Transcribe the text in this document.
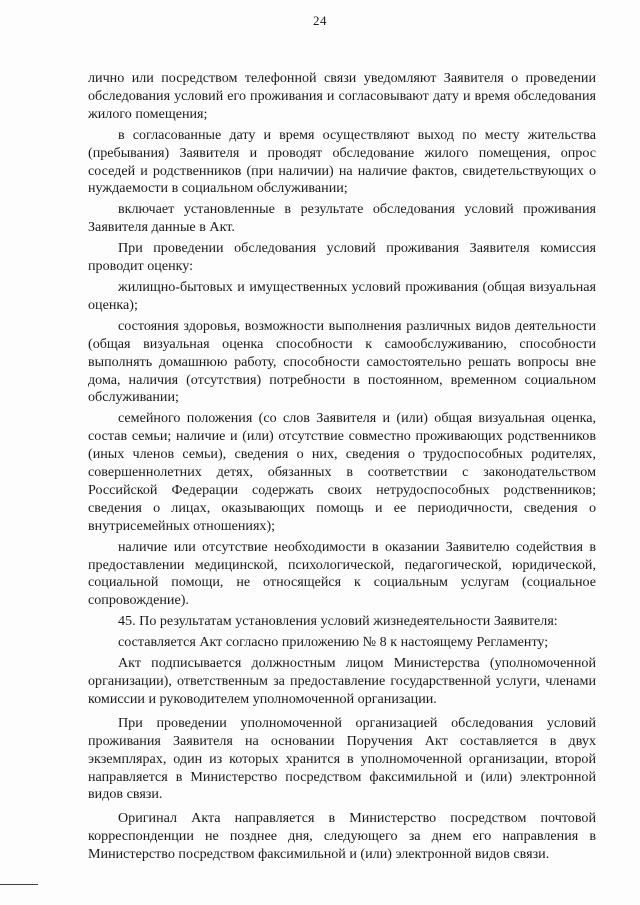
24

лично или посредством телефонной связи уведомляют Заявителя о проведении обследования условий его проживания и согласовывают дату и время обследования жилого помещения;

в согласованные дату и время осуществляют выход по месту жительства (пребывания) Заявителя и проводят обследование жилого помещения, опрос соседей и родственников (при наличии) на наличие фактов, свидетельствующих о нуждаемости в социальном обслуживании;

включает установленные в результате обследования условий проживания Заявителя данные в Акт.

При проведении обследования условий проживания Заявителя комиссия проводит оценку:

жилищно-бытовых и имущественных условий проживания (общая визуальная оценка);

состояния здоровья, возможности выполнения различных видов деятельности (общая визуальная оценка способности к самообслуживанию, способности выполнять домашнюю работу, способности самостоятельно решать вопросы вне дома, наличия (отсутствия) потребности в постоянном, временном социальном обслуживании;

семейного положения (со слов Заявителя и (или) общая визуальная оценка, состав семьи; наличие и (или) отсутствие совместно проживающих родственников (иных членов семьи), сведения о них, сведения о трудоспособных родителях, совершеннолетних детях, обязанных в соответствии с законодательством Российской Федерации содержать своих нетрудоспособных родственников; сведения о лицах, оказывающих помощь и ее периодичности, сведения о внутрисемейных отношениях);

наличие или отсутствие необходимости в оказании Заявителю содействия в предоставлении медицинской, психологической, педагогической, юридической, социальной помощи, не относящейся к социальным услугам (социальное сопровождение).

45. По результатам установления условий жизнедеятельности Заявителя:

составляется Акт согласно приложению № 8 к настоящему Регламенту;

Акт подписывается должностным лицом Министерства (уполномоченной организации), ответственным за предоставление государственной услуги, членами комиссии и руководителем уполномоченной организации.

При проведении уполномоченной организацией обследования условий проживания Заявителя на основании Поручения Акт составляется в двух экземплярах, один из которых хранится в уполномоченной организации, второй направляется в Министерство посредством факсимильной и (или) электронной видов связи.

Оригинал Акта направляется в Министерство посредством почтовой корреспонденции не позднее дня, следующего за днем его направления в Министерство посредством факсимильной и (или) электронной видов связи.
